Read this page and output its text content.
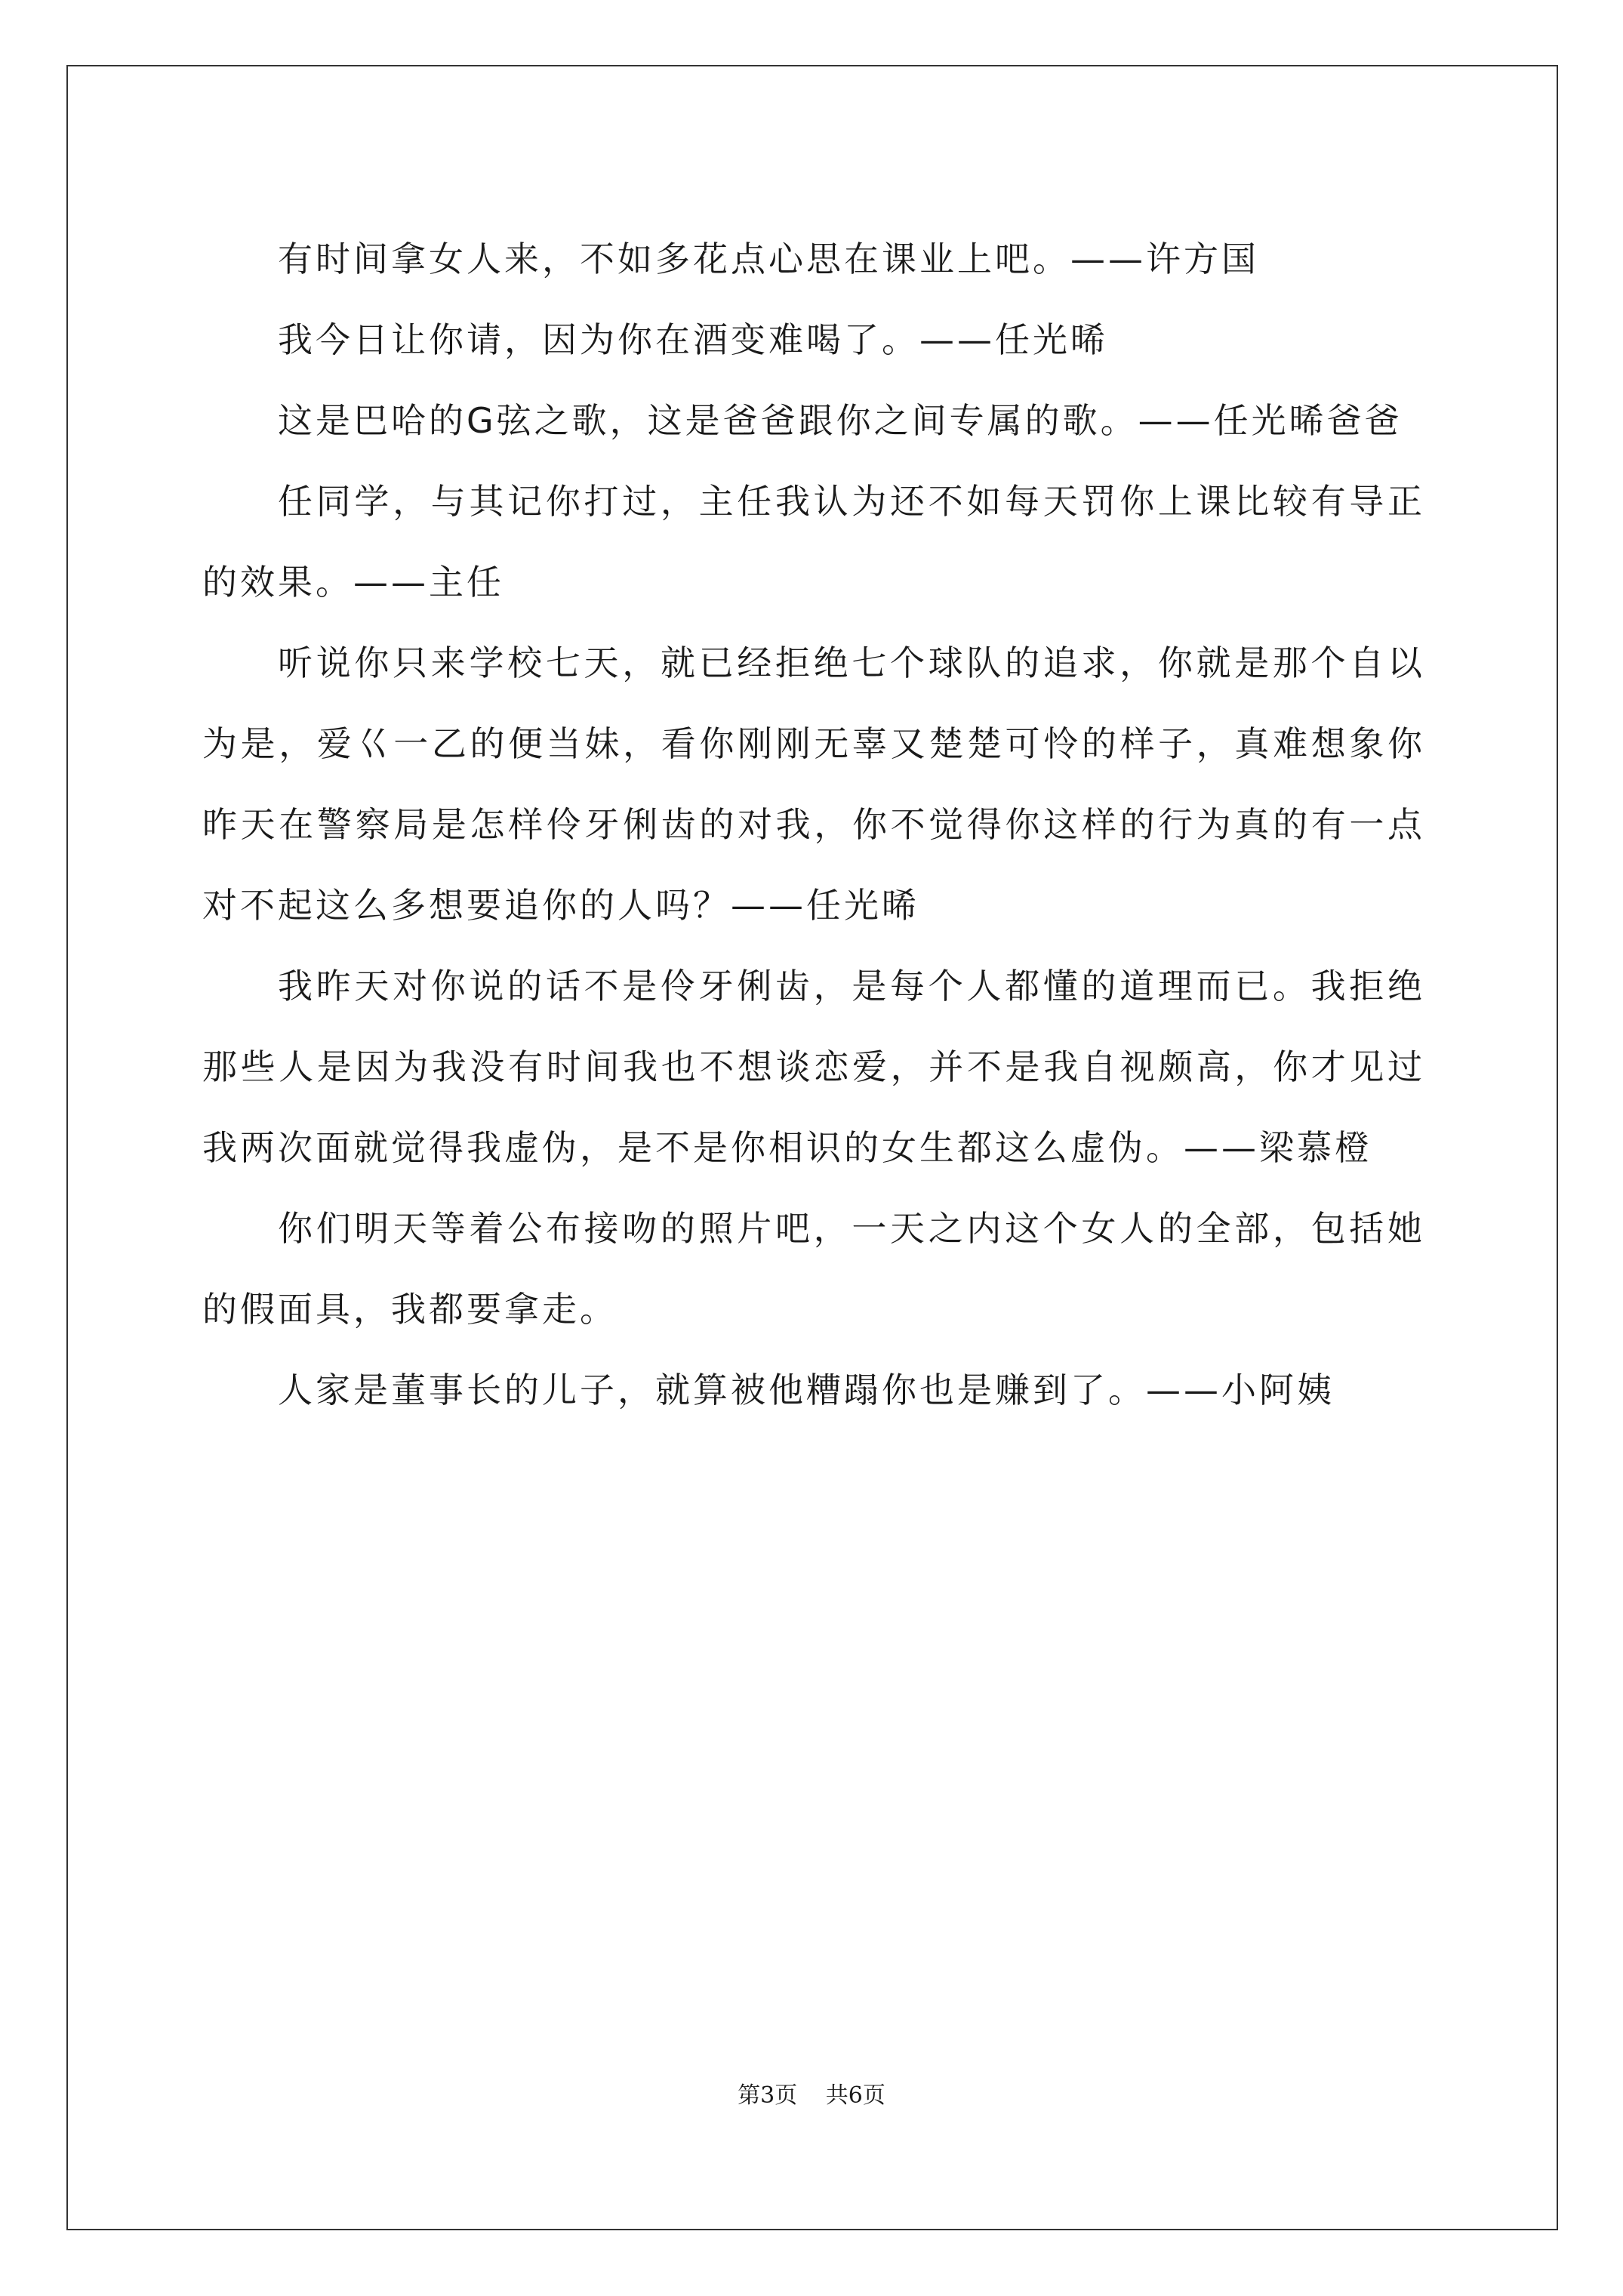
有时间拿女人来，不如多花点心思在课业上吧。——许方国

我今日让你请，因为你在酒变难喝了。——任光晞

这是巴哈的G弦之歌，这是爸爸跟你之间专属的歌。——任光晞爸爸

任同学，与其记你打过，主任我认为还不如每天罚你上课比较有导正的效果。——主任

听说你只来学校七天，就已经拒绝七个球队的追求，你就是那个自以为是，爱巜一乙的便当妹，看你刚刚无辜又楚楚可怜的样子，真难想象你昨天在警察局是怎样伶牙俐齿的对我，你不觉得你这样的行为真的有一点对不起这么多想要追你的人吗？——任光晞

我昨天对你说的话不是伶牙俐齿，是每个人都懂的道理而已。我拒绝那些人是因为我没有时间我也不想谈恋爱，并不是我自视颇高，你才见过我两次面就觉得我虚伪，是不是你相识的女生都这么虚伪。——梁慕橙

你们明天等着公布接吻的照片吧，一天之内这个女人的全部，包括她的假面具，我都要拿走。

人家是董事长的儿子，就算被他糟蹋你也是赚到了。——小阿姨

第3页 共6页
